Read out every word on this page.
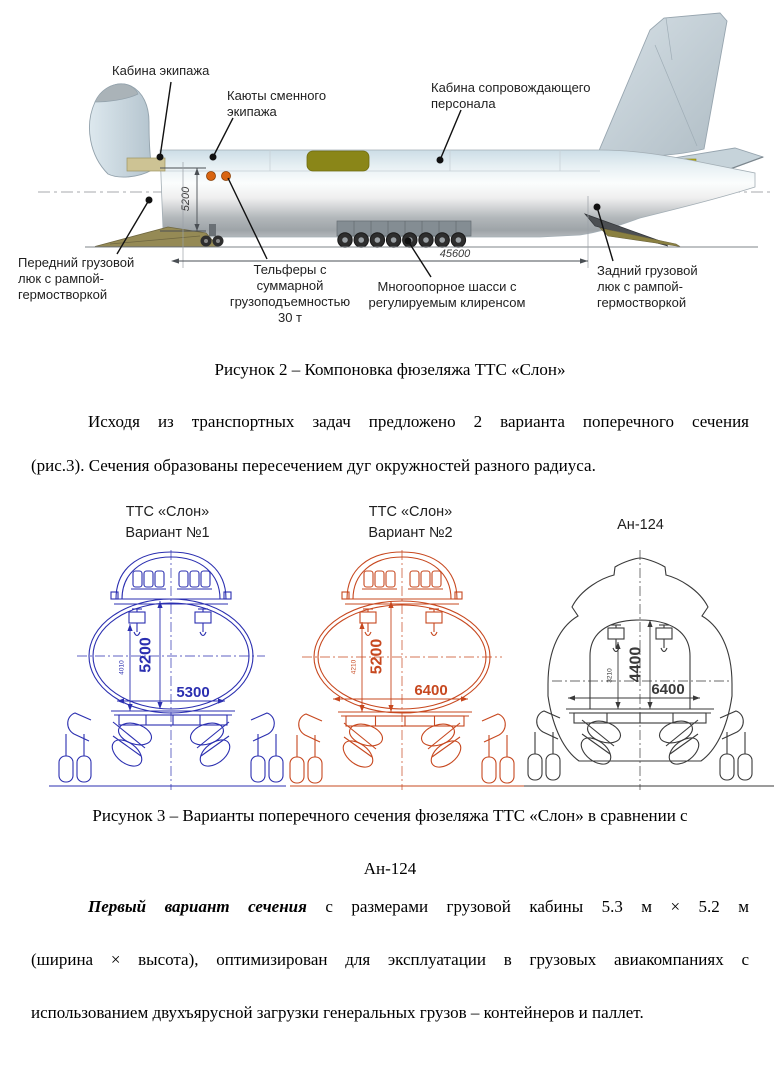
5200
45600
Кабина экипажа
Каюты сменного
экипажа
Кабина сопровождающего
персонала
Передний грузовой
люк с рампой-
гермостворкой
Тельферы с
суммарной
грузоподъемностью
30 т
Многоопорное шасси с
регулируемым клиренсом
Задний грузовой
люк с рампой-
гермостворкой
Рисунок 2 – Компоновка фюзеляжа ТТС «Слон»
Исходя из транспортных задач предложено 2 варианта поперечного сечения
(рис.3). Сечения образованы пересечением дуг окружностей разного радиуса.
ТТС «Слон»
Вариант №1
5200
4010
5300
ТТС «Слон»
Вариант №2
5200
4210
6400
Ан-124
4400
3210
6400
Рисунок 3 – Варианты поперечного сечения фюзеляжа ТТС «Слон» в сравнении с
Ан-124
Первый вариант сечения с размерами грузовой кабины 5.3 м × 5.2 м
(ширина × высота), оптимизирован для эксплуатации в грузовых авиакомпаниях с
использованием двухъярусной загрузки генеральных грузов – контейнеров и паллет.
